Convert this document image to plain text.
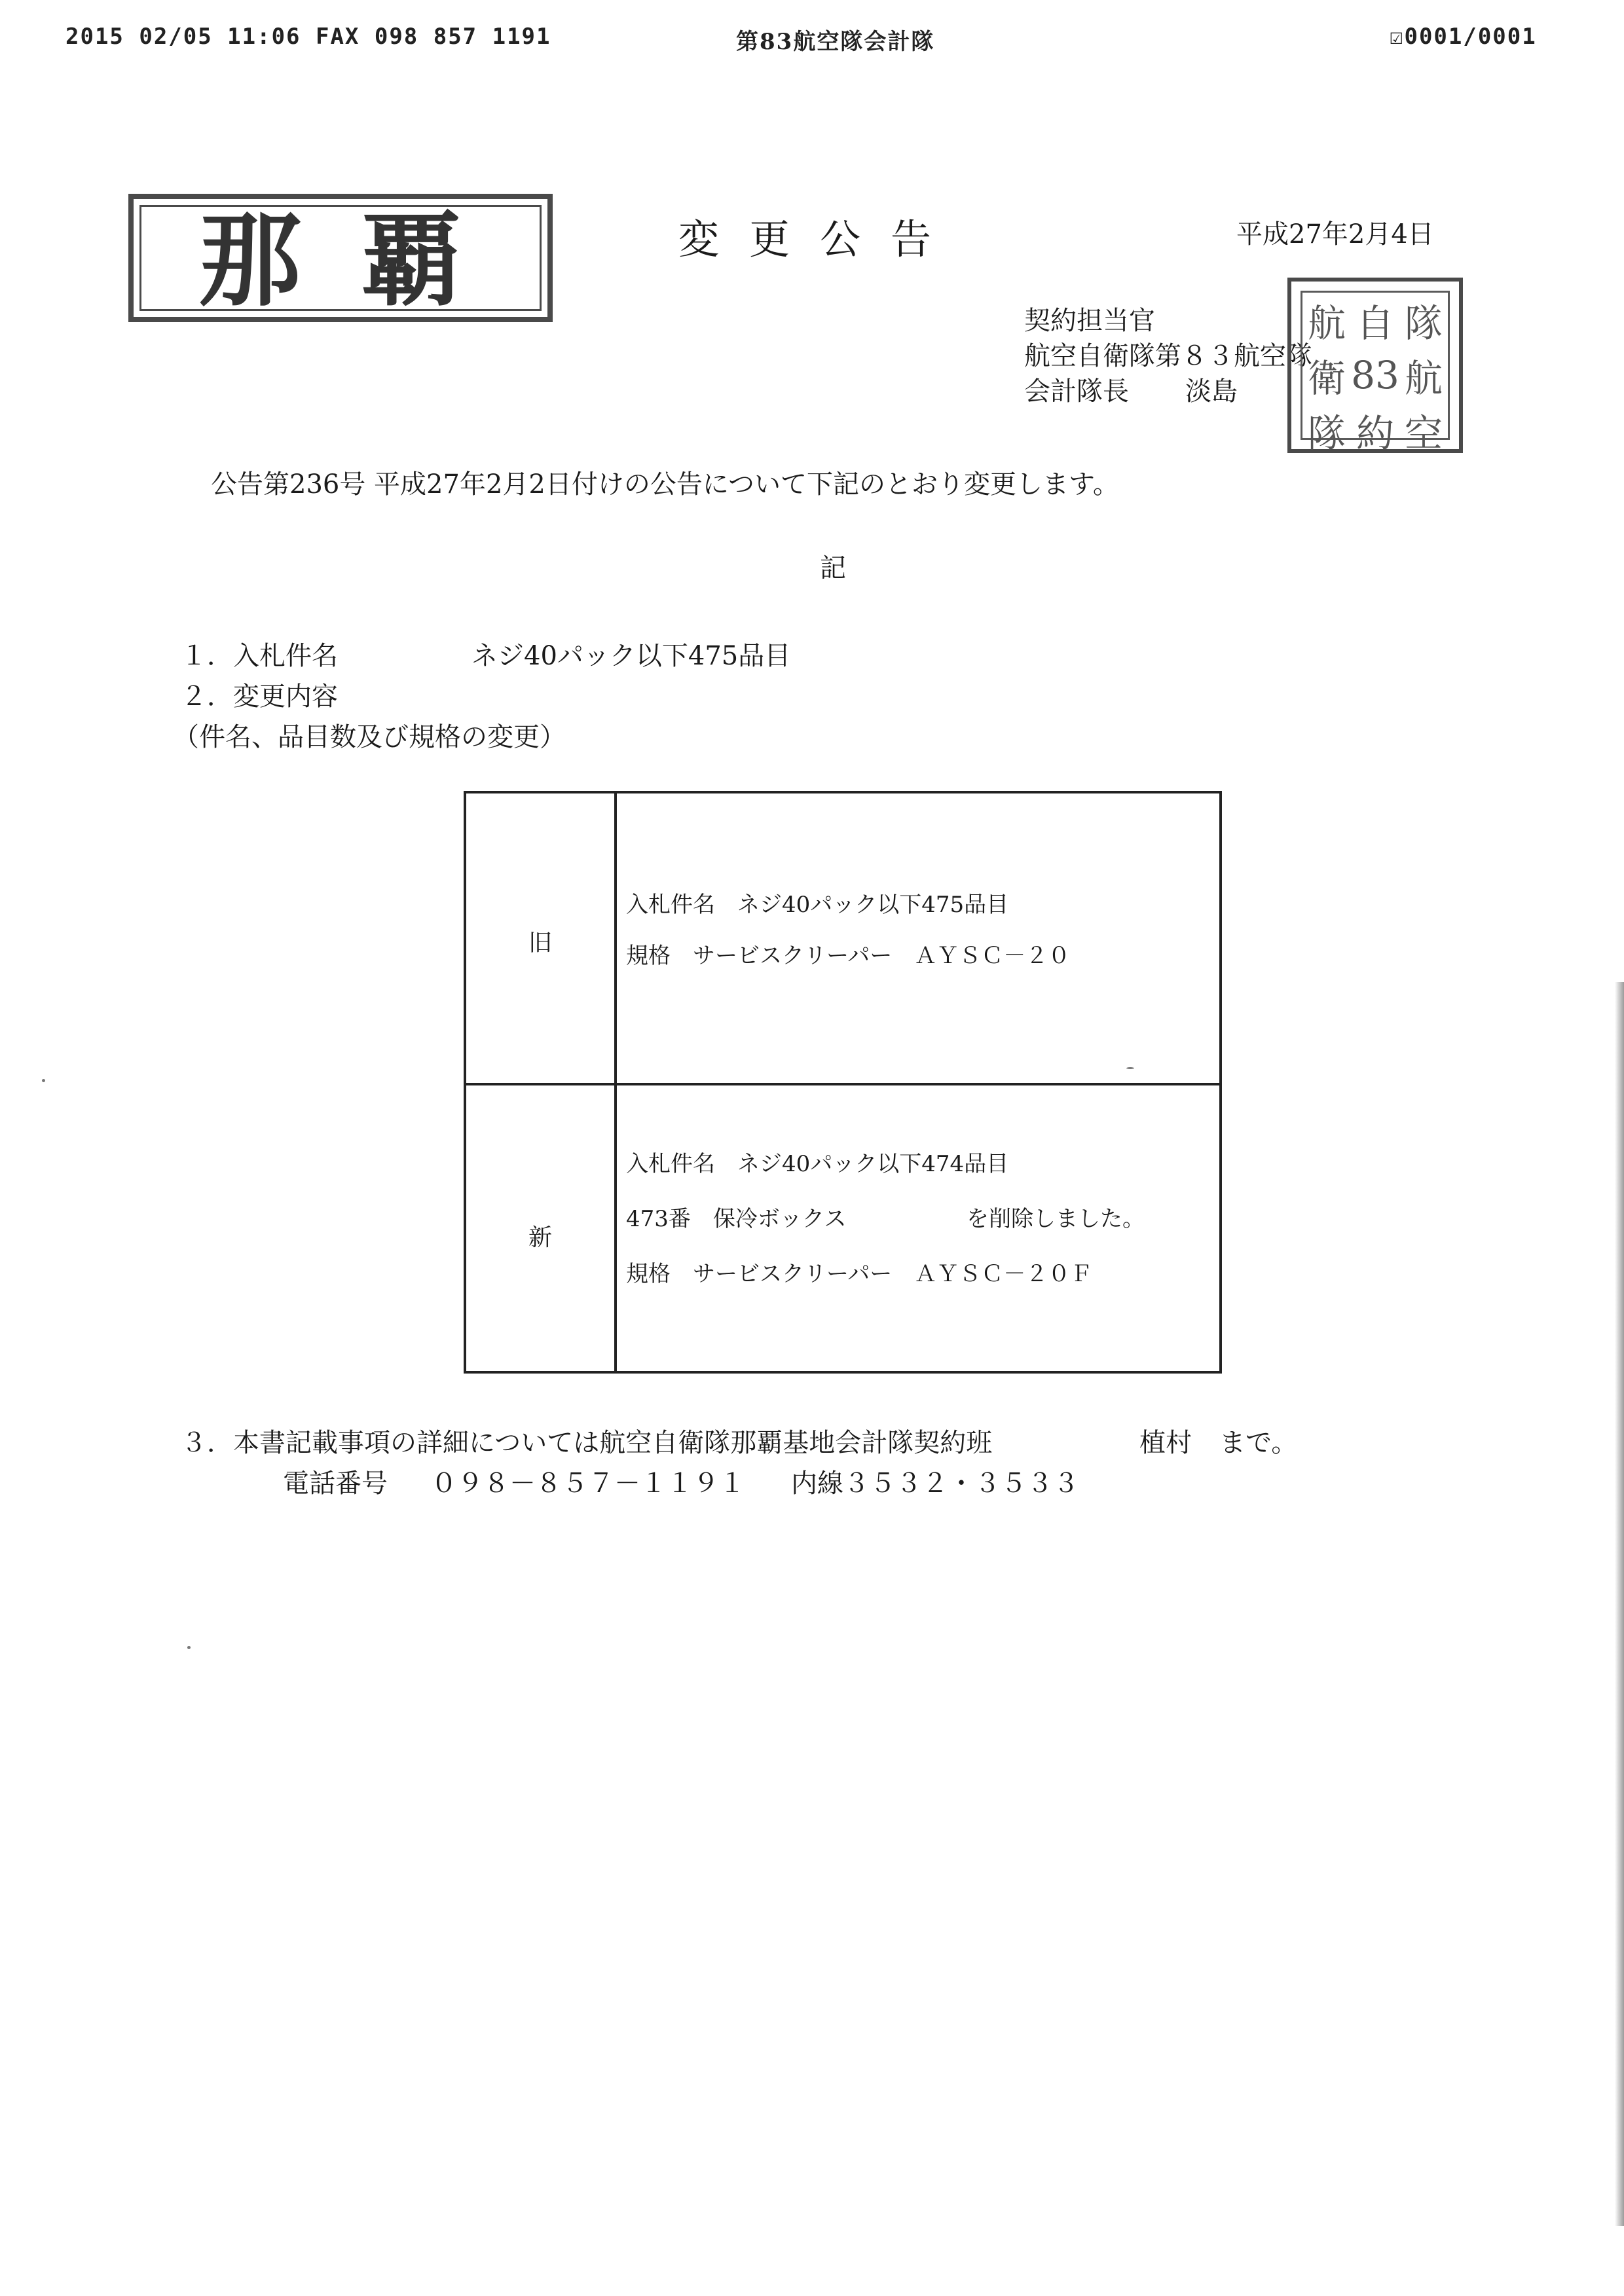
2015 02/05 11:06 FAX 098 857 1191	第83航空隊会計隊	☑0001/0001
那覇	変更公告	平成27年2月4日
契約担当官
航空自衛隊第８３航空隊
会計隊長 淡島
航 自 隊
衛 83 航
隊 約 空
公告第236号 平成27年2月2日付けの公告について下記のとおり変更します。
記
１．入札件名	ネジ40パック以下475品目
２．変更内容
（件名、品目数及び規格の変更）
旧
入札件名　ネジ40パック以下475品目
規格　サービスクリーパー　ＡＹＳＣ－２０
新
入札件名　ネジ40パック以下474品目
473番　保冷ボックス	を削除しました。
規格　サービスクリーパー　ＡＹＳＣ－２０Ｆ
３．本書記載事項の詳細については航空自衛隊那覇基地会計隊契約班	植村 まで。
電話番号 ０９８－８５７－１１９１ 内線３５３２・３５３３
